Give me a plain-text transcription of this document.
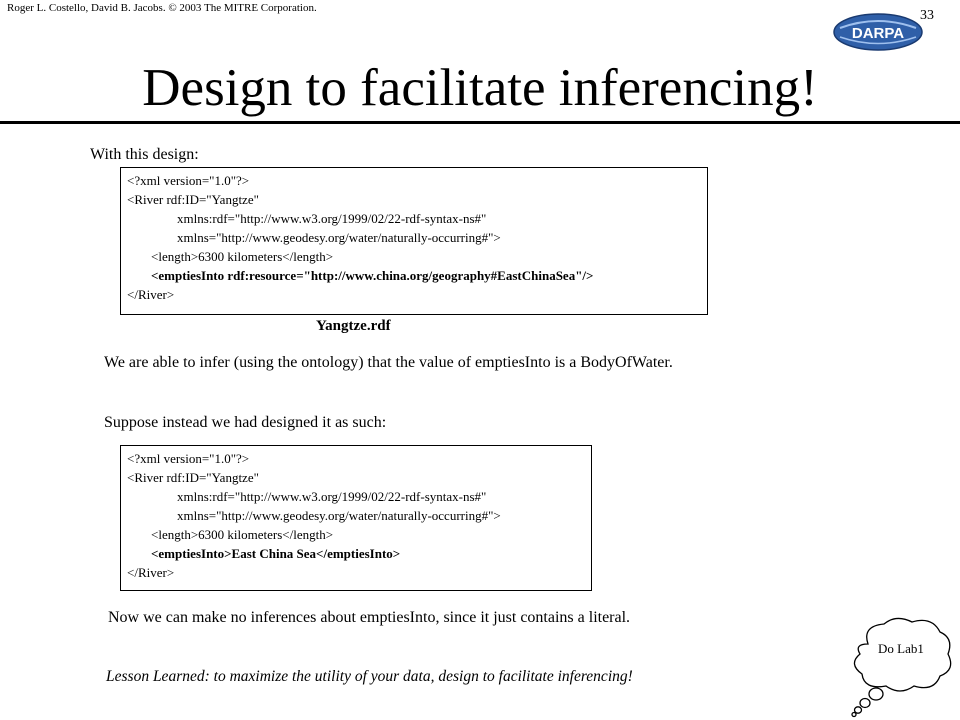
Roger L. Costello, David B. Jacobs. © 2003 The MITRE Corporation.	33
DARPA
Design to facilitate inferencing!
With this design:
<?xml version="1.0"?>
<River rdf:ID="Yangtze"
xmlns:rdf="http://www.w3.org/1999/02/22-rdf-syntax-ns#"
xmlns="http://www.geodesy.org/water/naturally-occurring#">
<length>6300 kilometers</length>
<emptiesInto rdf:resource="http://www.china.org/geography#EastChinaSea"/>
</River>
Yangtze.rdf
We are able to infer (using the ontology) that the value of emptiesInto is a BodyOfWater.
Suppose instead we had designed it as such:
<?xml version="1.0"?>
<River rdf:ID="Yangtze"
xmlns:rdf="http://www.w3.org/1999/02/22-rdf-syntax-ns#"
xmlns="http://www.geodesy.org/water/naturally-occurring#">
<length>6300 kilometers</length>
<emptiesInto>East China Sea</emptiesInto>
</River>
Now we can make no inferences about emptiesInto, since it just contains a literal.
Lesson Learned: to maximize the utility of your data, design to facilitate inferencing!
Do Lab1
